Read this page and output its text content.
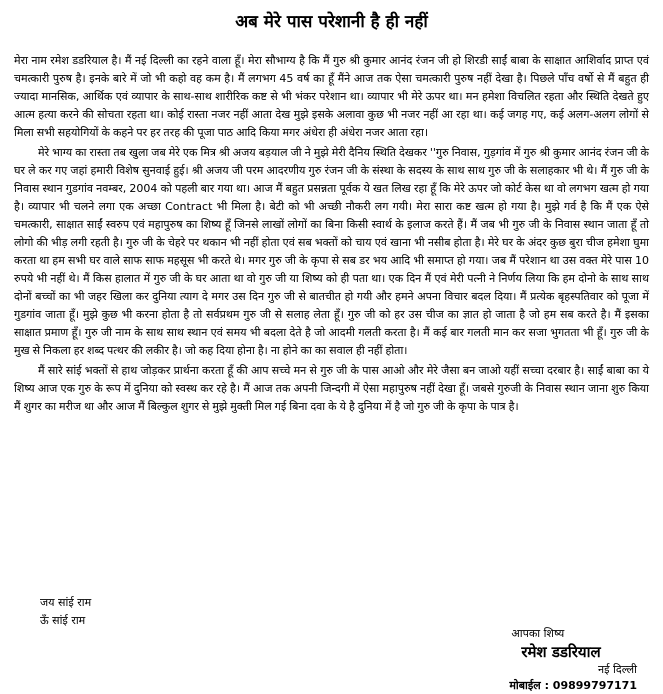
अब मेरे पास परेशानी है ही नहीं

मेरा नाम रमेश डडरियाल है। मैं नई दिल्ली का रहने वाला हूँ। मेरा सौभाग्य है कि मैं गुरु श्री कुमार आनंद रंजन जी हो शिरडी साईं बाबा के साक्षात आशिर्वाद प्राप्त एवं चमत्कारी पुरुष है। इनके बारे में जो भी कहो वह कम है। मैं लगभग 45 वर्ष का हूँ मैंने आज तक ऐसा चमत्कारी पुरुष नहीं देखा है। पिछले पाँच वर्षो से मैं बहुत ही ज्यादा मानसिक, आर्थिक एवं व्यापार के साथ-साथ शारीरिक कष्ट से भी भंकर परेशान था। व्यापार भी मेरे ऊपर था। मन हमेशा विचलित रहता और स्थिति देखते हुए आत्म हत्या करने की सोचता रहता था। कोई रास्ता नजर नहीं आता देख मुझे इसके अलावा कुछ भी नजर नहीं आ रहा था। कई जगह गए, कई अलग-अलग लोगों से मिला सभी सहयोगियों के कहने पर हर तरह की पूजा पाठ आदि किया मगर अंधेरा ही अंधेरा नजर आता रहा।

मेरे भाग्य का रास्ता तब खुला जब मेरे एक मित्र श्री अजय बड़याल जी ने मुझे मेरी दैनिय स्थिति देखकर ''गुरु निवास, गुड़गांव में गुरु श्री कुमार आनंद रंजन जी के घर ले कर गए जहां हमारी विशेष सुनवाई हुई। श्री अजय जी परम आदरणीय गुरु रंजन जी के संस्था के सदस्य के साथ साथ गुरु जी के सलाहकार भी थे। मैं गुरु जी के निवास स्थान गुडगांव नवम्बर, 2004 को पहली बार गया था। आज मैं बहुत प्रसन्नता पूर्वक ये खत लिख रहा हूँ कि मेरे ऊपर जो कोर्ट केस था वो लगभग खत्म हो गया है। व्यापार भी चलने लगा एक अच्छा Contract भी मिला है। बेटी को भी अच्छी नौकरी लग गयी। मेरा सारा कष्ट खत्म हो गया है। मुझे गर्व है कि मैं एक ऐसे चमत्कारी, साक्षात साईं स्वरुप एवं महापुरुष का शिष्य हूँ जिनसे लाखों लोगों का बिना किसी स्वार्थ के इलाज करते हैं। मैं जब भी गुरु जी के निवास स्थान जाता हूँ तो लोगो की भीड़ लगी रहती है। गुरु जी के चेहरे पर थकान भी नहीं होता एवं सब भक्तों को चाय एवं खाना भी नसीब होता है। मेरे घर के अंदर कुछ बुरा चीज हमेशा घुमा करता था हम सभी घर वाले साफ साफ महसूस भी करते थे। मगर गुरु जी के कृपा से सब डर भय आदि भी समाप्त हो गया। जब मैं परेशान था उस वक्त मेरे पास 10 रुपये भी नहीं थे। मैं किस हालात में गुरु जी के घर आता था वो गुरु जी या शिष्य को ही पता था। एक दिन मैं एवं मेरी पत्नी ने निर्णय लिया कि हम दोनो के साथ साथ दोनों बच्चों का भी जहर खिला कर दुनिया त्याग दे मगर उस दिन गुरु जी से बातचीत हो गयी और हमने अपना विचार बदल दिया। मैं प्रत्येक बृहस्पतिवार को पूजा में गुडगांव जाता हूँ। मुझे कुछ भी करना होता है तो सर्वप्रथम गुरु जी से सलाह लेता हूँ। गुरु जी को हर उस चीज का ज्ञात हो जाता है जो हम सब करते है। मैं इसका साक्षात प्रमाण हूँ। गुरु जी नाम के साथ साथ स्थान एवं समय भी बदला देते है जो आदमी गलती करता है। मैं कई बार गलती मान कर सजा भुगतता भी हूँ। गुरु जी के मुख से निकला हर शब्द पत्थर की लकीर है। जो कह दिया होना है। ना होने का का सवाल ही नहीं होता।

मैं सारे सांई भक्तों से हाथ जोड़कर प्रार्थना करता हूँ की आप सच्चे मन से गुरु जी के पास आओ और मेरे जैसा बन जाओ यहीं सच्चा दरबार है। साईं बाबा का ये शिष्य आज एक गुरु के रूप में दुनिया को स्वस्थ कर रहे है। मैं आज तक अपनी जिन्दगी में ऐसा महापुरुष नहीं देखा हूँ। जबसे गुरुजी के निवास स्थान जाना शुरु किया मैं शुगर का मरीज था और आज मैं बिल्कुल शुगर से मुझे मुक्ती मिल गई बिना दवा के ये है दुनिया में है जो गुरु जी के कृपा के पात्र है।

जय सांई राम
ऊँ सांई राम
आपका शिष्य
रमेश डडरियाल
नई दिल्ली
मोबाईल : 09899797171
